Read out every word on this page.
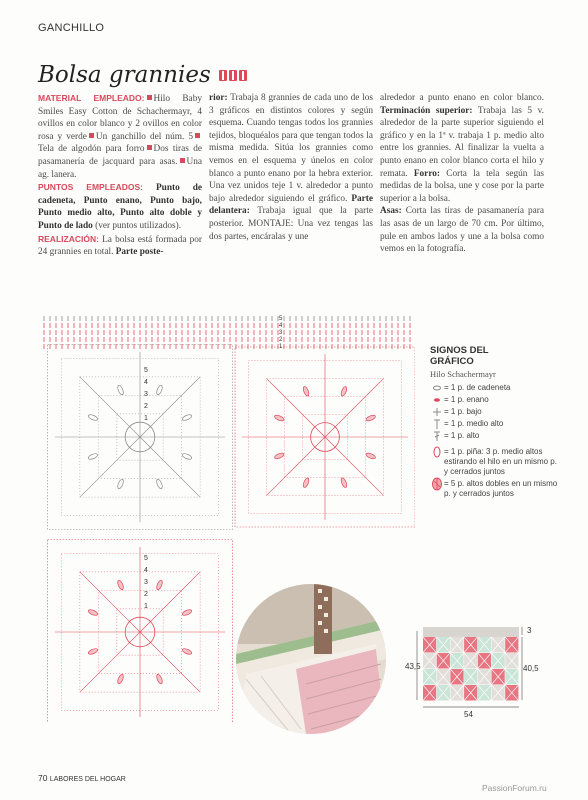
GANCHILLO
Bolsa grannies
MATERIAL EMPLEADO: Hilo Baby Smiles Easy Cotton de Schachermayr, 4 ovillos en color blanco y 2 ovillos en color rosa y verde Un ganchillo del núm. 5Tela de algodón para forro Dos tiras de pasamanería de jacquard para asas. Una ag. lanera.
PUNTOS EMPLEADOS: Punto de cadeneta, Punto enano, Punto bajo, Punto medio alto, Punto alto doble y Punto de lado (ver puntos utilizados).
REALIZACIÓN: La bolsa está formada por 24 grannies en total. Parte poste-
rior: Trabaja 8 grannies de cada uno de los 3 gráficos en distintos colores y según esquema. Cuando tengas todos los grannies tejidos, bloquéalos para que tengan todos la misma medida. Sitúa los grannies como vemos en el esquema y únelos en color blanco a punto enano por la hebra exterior. Una vez unidos teje 1 v. alrededor a punto bajo alrededor siguiendo el gráfico. Parte delantera: Trabaja igual que la parte posterior. MONTAJE: Una vez tengas las dos partes, encáralas y une
alrededor a punto enano en color blanco. Terminación superior: Trabaja las 5 v. alrededor de la parte superior siguiendo el gráfico y en la 1ª v. trabaja 1 p. medio alto entre los grannies. Al finalizar la vuelta a punto enano en color blanco corta el hilo y remata. Forro: Corta la tela según las medidas de la bolsa, une y cose por la parte superior a la bolsa.
Asas: Corta las tiras de pasamanería para las asas de un largo de 70 cm. Por último, pule en ambos lados y une a la bolsa como vemos en la fotografía.
5
5
5
4
4
4
3
3
3
2
2
2
1
1
1	SIGNOS DEL
GRÁFICO
Hilo Schachermayr
= 1 p. de cadeneta
= 1 p. enano
= 1 p. bajo
= 1 p. medio alto
= 1 p. alto
= 1 p. piña: 3 p. medio altos estirando el hilo en un mismo p. y cerrados juntos
= 5 p. altos dobles en un mismo p. y cerrados juntos
3
43,5	40,5
54
70 LABORES DEL HOGAR
PassionForum.ru
